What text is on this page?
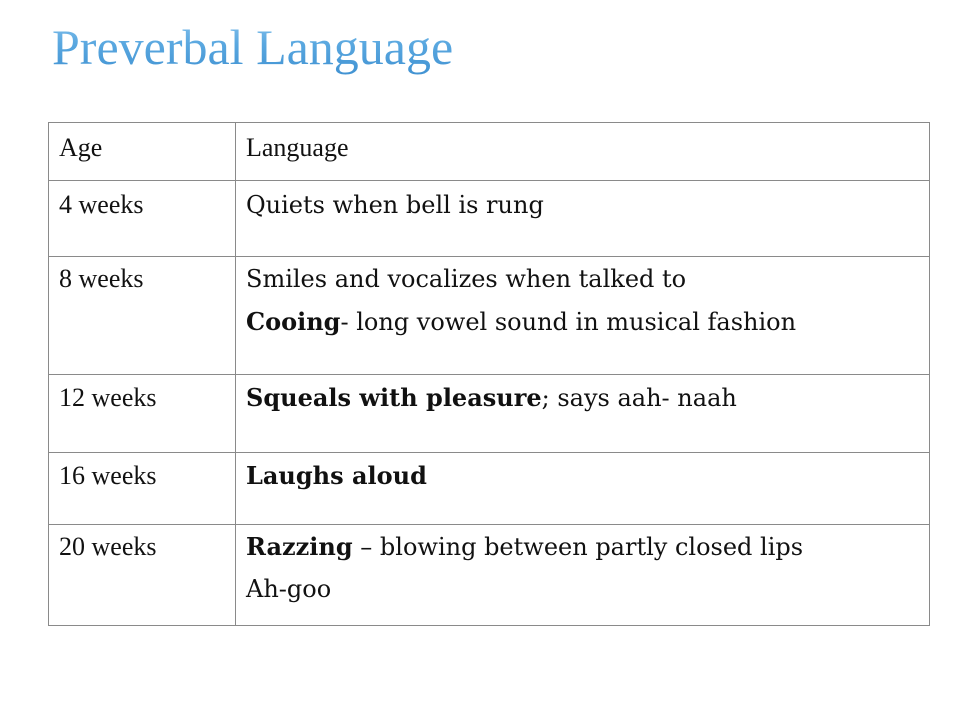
Preverbal Language
Age	Language

4 weeks	Quiets when bell is rung

8 weeks	Smiles and vocalizes when talked to
Cooing- long vowel sound in musical fashion

12 weeks	Squeals with pleasure; says aah- naah

16 weeks	Laughs aloud

20 weeks	Razzing – blowing between partly closed lips
Ah-goo
